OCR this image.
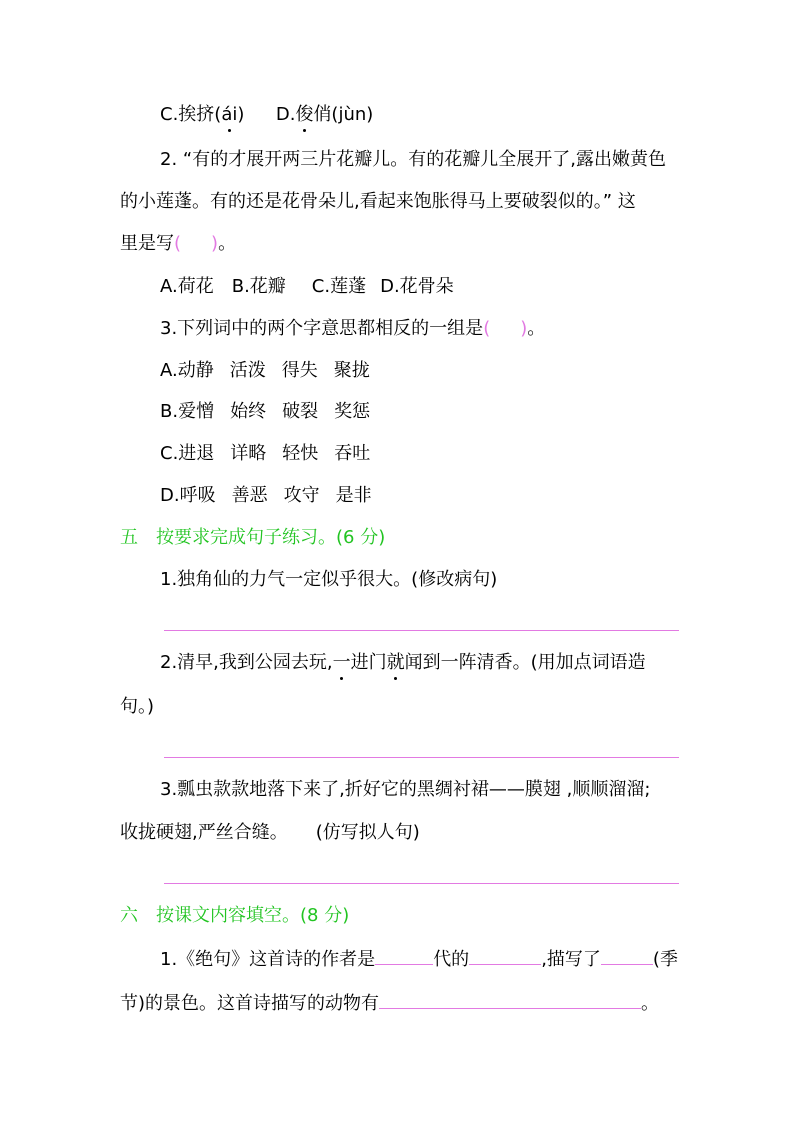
C.挨挤(ái) D.俊俏(jùn)
2. “有的才展开两三片花瓣儿。有的花瓣儿全展开了,露出嫩黄色
的小莲蓬。有的还是花骨朵儿,看起来饱胀得马上要破裂似的。” 这
里是写( )。
A.荷花 B.花瓣 C.莲蓬 D.花骨朵
3.下列词中的两个字意思都相反的一组是( )。
A.动静 活泼 得失 聚拢
B.爱憎 始终 破裂 奖惩
C.进退 详略 轻快 吞吐
D.呼吸 善恶 攻守 是非
五　按要求完成句子练习。(6 分)
1.独角仙的力气一定似乎很大。(修改病句)
2.清早,我到公园去玩,一进门就闻到一阵清香。(用加点词语造
句。)
3.瓢虫款款地落下来了,折好它的黑绸衬裙——膜翅 ,顺顺溜溜;
收拢硬翅,严丝合缝。 (仿写拟人句)
六　按课文内容填空。(8 分)
1.《绝句》这首诗的作者是	代的	,描写了	(季
节)的景色。这首诗描写的动物有	。
